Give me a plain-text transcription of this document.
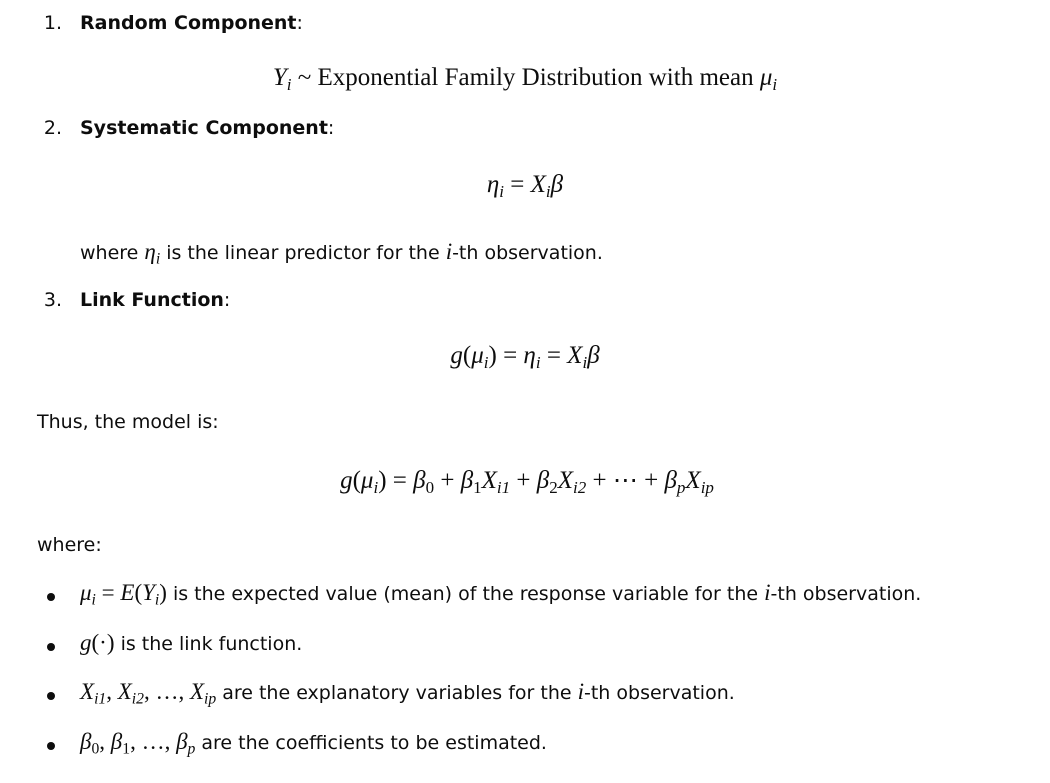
1. Random Component:
$Y_i$ ~ Exponential Family Distribution with mean $\mu_i$
2. Systematic Component:
$\eta_i = X_i\beta$
where $\eta_i$ is the linear predictor for the i-th observation.
3. Link Function:
$g(\mu_i) = \eta_i = X_i\beta$
Thus, the model is:
$g(\mu_i) = \beta_0 + \beta_1X_{i1} + \beta_2X_{i2}$ + ⋯ + $\beta_pX_{ip}$
where:
$\mu_i = E(Y_i)$ is the expected value (mean) of the response variable for the i-th observation.
g(·) is the link function.
$X_{i1}$, $X_{i2}$, …, $X_{ip}$ are the explanatory variables for the i-th observation.
$\beta_0$, $\beta_1$, …, $\beta_p$ are the coefficients to be estimated.
